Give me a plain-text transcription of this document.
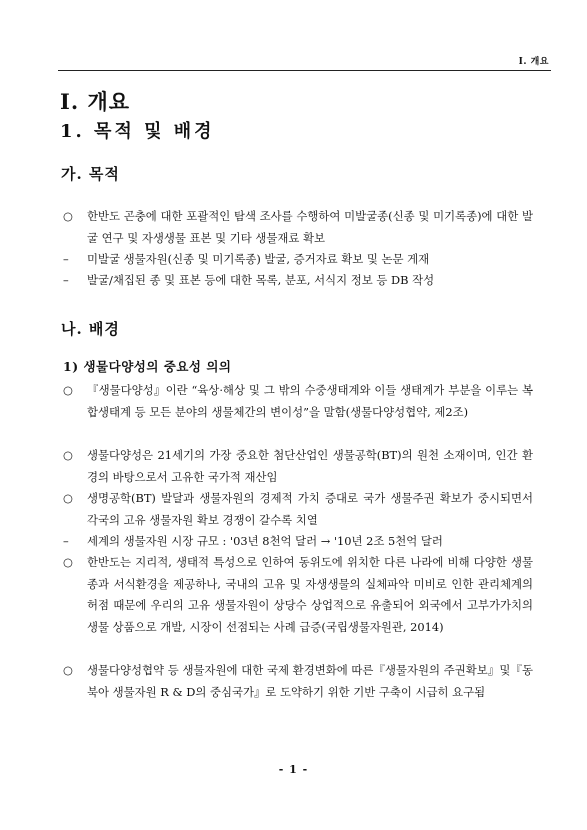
I. 개요
I. 개요
1. 목적 및 배경
가. 목적
○	한반도 곤충에 대한 포괄적인 탐색 조사를 수행하여 미발굴종(신종 및 미기록종)에 대한 발굴 연구 및 자생생물 표본 및 기타 생물재료 확보
–	미발굴 생물자원(신종 및 미기록종) 발굴, 증거자료 확보 및 논문 게재
–	발굴/채집된 종 및 표본 등에 대한 목록, 분포, 서식지 정보 등 DB 작성
나. 배경
1) 생물다양성의 중요성 의의
○	『생물다양성』이란 “육상·해상 및 그 밖의 수중생태계와 이들 생태계가 부분을 이루는 복합생태계 등 모든 분야의 생물체간의 변이성”을 말함(생물다양성협약, 제2조)
○	생물다양성은 21세기의 가장 중요한 첨단산업인 생물공학(BT)의 원천 소재이며, 인간 환경의 바탕으로서 고유한 국가적 재산임
○	생명공학(BT) 발달과 생물자원의 경제적 가치 증대로 국가 생물주권 확보가 중시되면서 각국의 고유 생물자원 확보 경쟁이 갈수록 치열
–	세계의 생물자원 시장 규모 : '03년 8천억 달러 → '10년 2조 5천억 달러
○	한반도는 지리적, 생태적 특성으로 인하여 동위도에 위치한 다른 나라에 비해 다양한 생물종과 서식환경을 제공하나, 국내의 고유 및 자생생물의 실체파악 미비로 인한 관리체계의 허점 때문에 우리의 고유 생물자원이 상당수 상업적으로 유출되어 외국에서 고부가가치의 생물 상품으로 개발, 시장이 선점되는 사례 급증(국립생물자원관, 2014)
○	생물다양성협약 등 생물자원에 대한 국제 환경변화에 따른『생물자원의 주권확보』및『동북아 생물자원 R & D의 중심국가』로 도약하기 위한 기반 구축이 시급히 요구됨
- 1 -
